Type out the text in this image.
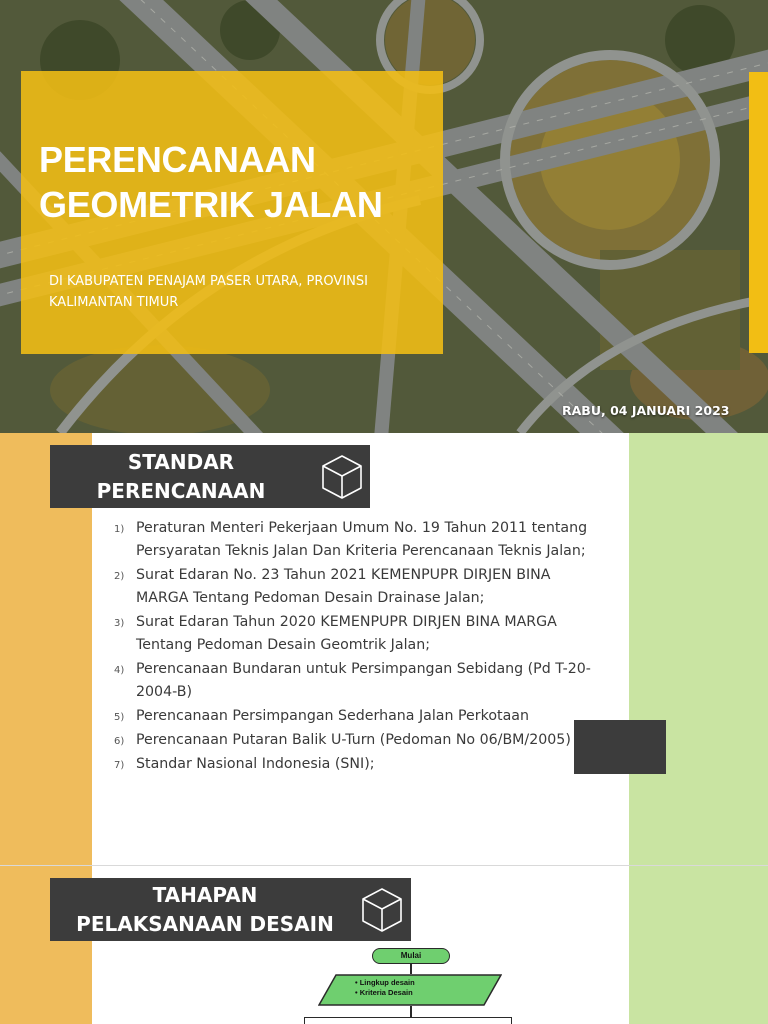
PERENCANAAN
GEOMETRIK JALAN

DI KABUPATEN PENAJAM PASER UTARA, PROVINSI KALIMANTAN TIMUR

RABU, 04 JANUARI 2023
STANDAR
PERENCANAAN
1) Peraturan Menteri Pekerjaan Umum No. 19 Tahun 2011 tentang Persyaratan Teknis Jalan Dan Kriteria Perencanaan Teknis Jalan;
2) Surat Edaran No. 23 Tahun 2021 KEMENPUPR DIRJEN BINA MARGA Tentang Pedoman Desain Drainase Jalan;
3) Surat Edaran Tahun 2020 KEMENPUPR DIRJEN BINA MARGA Tentang Pedoman Desain Geomtrik Jalan;
4) Perencanaan Bundaran untuk Persimpangan Sebidang (Pd T-20-2004-B)
5) Perencanaan Persimpangan Sederhana Jalan Perkotaan
6) Perencanaan Putaran Balik U-Turn (Pedoman No 06/BM/2005)
7) Standar Nasional Indonesia (SNI);
TAHAPAN
PELAKSANAAN DESAIN
Mulai
• Lingkup desain
• Kriteria Desain
